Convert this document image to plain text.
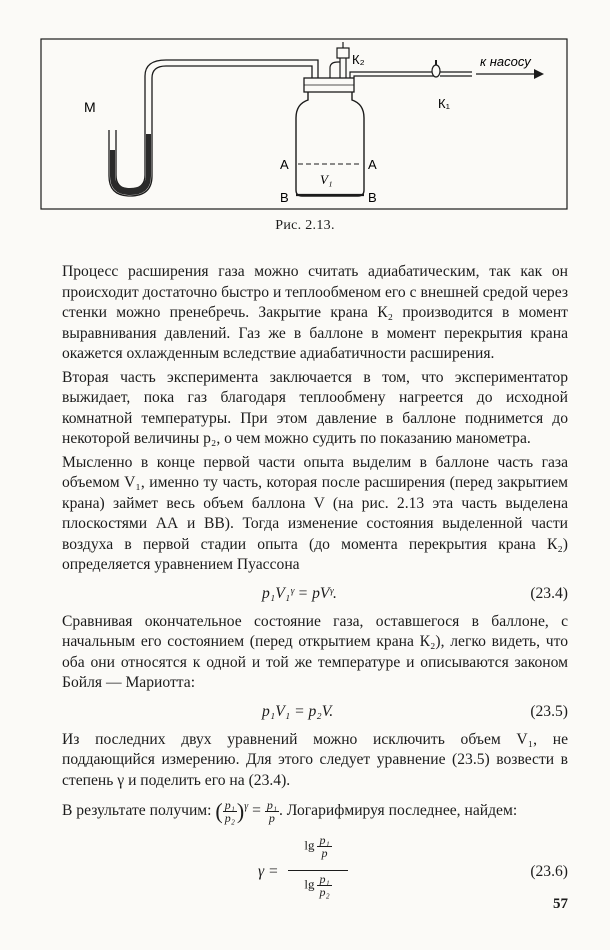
М
К₂
К₁
к насосу
А	А
В	В
V₁
Рис. 2.13.

Процесс расширения газа можно считать адиабатическим, так как он происходит достаточно быстро и теплообменом его с внешней средой через стенки можно пренебречь. Закрытие крана К₂ производится в момент выравнивания давлений. Газ же в баллоне в момент перекрытия крана окажется охлажденным вследствие адиабатичности расширения.

Вторая часть эксперимента заключается в том, что экспериментатор выжидает, пока газ благодаря теплообмену нагреется до исходной комнатной температуры. При этом давление в баллоне поднимется до некоторой величины p₂, о чем можно судить по показанию манометра.

Мысленно в конце первой части опыта выделим в баллоне часть газа объемом V₁, именно ту часть, которая после расширения (перед закрытием крана) займет весь объем баллона V (на рис. 2.13 эта часть выделена плоскостями АА и ВВ). Тогда изменение состояния выделенной части воздуха в первой стадии опыта (до момента перекрытия крана К₂) определяется уравнением Пуассона

p₁V₁ᵞ = pVᵞ.	(23.4)

Сравнивая окончательное состояние газа, оставшегося в баллоне, с начальным его состоянием (перед открытием крана К₂), легко видеть, что оба они относятся к одной и той же температуре и описываются законом Бойля — Мариотта:

p₁V₁ = p₂V.	(23.5)

Из последних двух уравнений можно исключить объем V₁, не поддающийся измерению. Для этого следует уравнение (23.5) возвести в степень γ и поделить его на (23.4).

В результате получим: ( $\frac{\text{p₁}}{\text{p₂}} )^\gamma = \frac{\text{p₁}}{p}$ . Логарифмируя последнее, найдем:

γ =
$\lg \frac{\text{p₁}}{p}$
$\lg \frac{\text{p₁}}{\text{p₂}}$
(23.6)
57
